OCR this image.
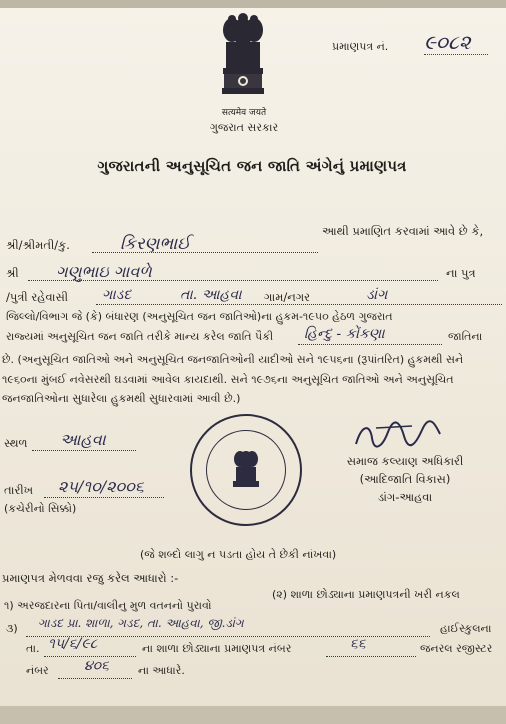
सत्यमेव जयते
ગુજરાત સરકાર
પ્રમાણપત્ર નં. ૯૦૮૨
ગુજરાતની અનુસૂચિત જન જાતિ અંગેનું પ્રમાણપત્ર
આથી પ્રમાણિત કરવામાં આવે છે કે,
શ્રી/શ્રીમતી/કુ.	કિરણભાઈ
શ્રી ગણુભાઇ ગાવળે	ના પુત્ર
/પુત્રી રહેવાસી ગાડદ	તા. આહવા ગામ/નગર	ડાંગ
જિલ્લો/વિભાગ જે (કે) બંધારણ (અનુસૂચિત જન જાતિઓ)ના હુકમ-૧૯૫૦ હેઠળ ગુજરાત
રાજ્યમાં અનુસૂચિત જન જાતિ તરીકે માન્ય કરેલ જાતિ પૈકી હિન્દુ - કોંકણા	જાતિના
છે. (અનુસૂચિત જાતિઓ અને અનુસૂચિત જનજાતિઓની યાદીઓ સને ૧૯૫૬ના (રૂપાંતરિત) હુકમથી સને ૧૯૬૦ના મુંબઈ નવેસરથી ઘડવામાં આવેલ કાયદાથી. સને ૧૯૭૬ના અનુસૂચિત જાતિઓ અને અનુસૂચિત જનજાતિઓના સુધારેલા હુકમથી સુધારવામાં આવી છે.)
સ્થળ આહવા
તારીખ ૨૫/૧૦/૨૦૦૬
(કચેરીનો સિક્કો)
સમાજ કલ્યાણ અધિકારી
(આદિજાતિ વિકાસ)
ડાંગ-આહવા
(જે શબ્દો લાગુ ન પડતા હોય તે છેકી નાંખવા)
પ્રમાણપત્ર મેળવવા રજુ કરેલ આધારો :-
૧) અરજદારના પિતા/વાલીનુ મુળ વતનનો પુરાવો
(૨) શાળા છોડ્યાના પ્રમાણપત્રની ખરી નકલ
૩) ગાડદ પ્રા. શાળા, ગડદ, તા. આહવા, જી.ડાંગ	હાઈસ્કુલના
તા. ૧૫/૬/૯૮	ના શાળા છોડ્યાના પ્રમાણપત્ર નંબર	૬૬	જનરલ રજીસ્ટર
નંબર	૪૦૬	ના આધારે.
